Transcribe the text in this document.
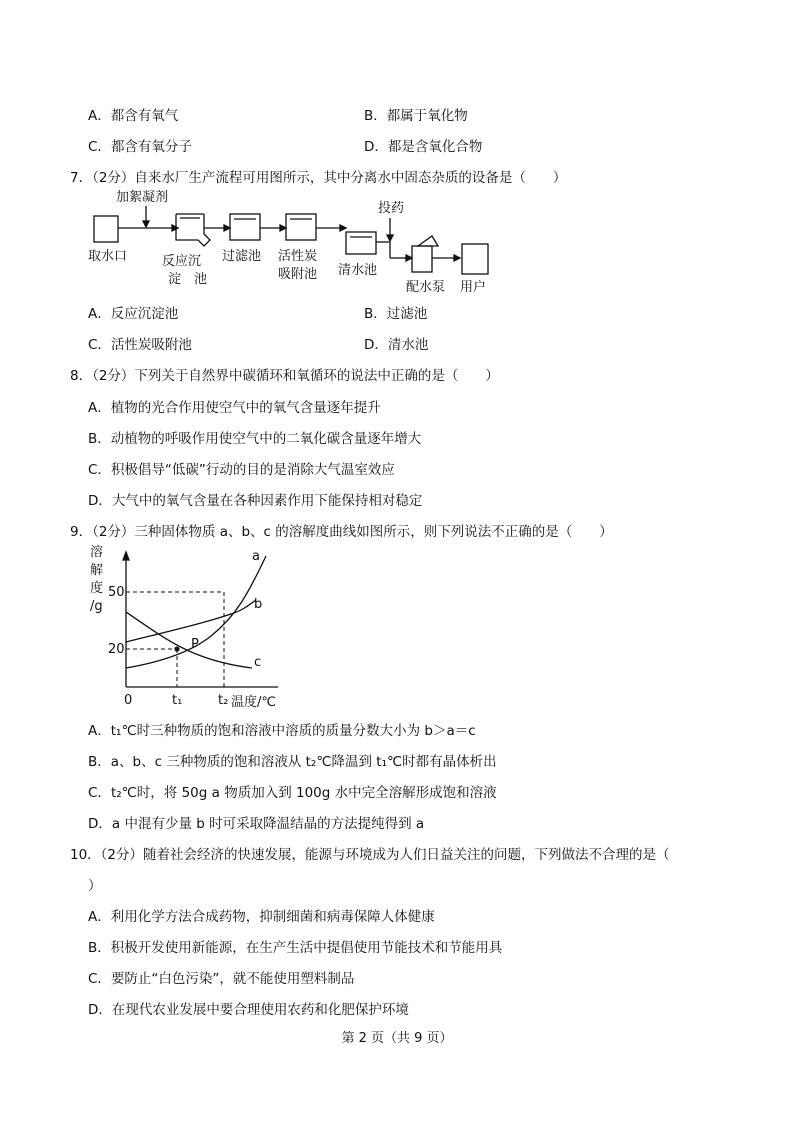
A．都含有氧气	B．都属于氧化物
C．都含有氧分子	D．都是含氧化合物
7．（2分）自来水厂生产流程可用图所示，其中分离水中固态杂质的设备是（　　）
加絮凝剂
投药
取水口	反应沉
淀　池
过滤池 活性炭
吸附池 清水池
配水泵 用户
A．反应沉淀池	B．过滤池
C．活性炭吸附池	D．清水池
8．（2分）下列关于自然界中碳循环和氧循环的说法中正确的是（　　）
A．植物的光合作用使空气中的氧气含量逐年提升
B．动植物的呼吸作用使空气中的二氧化碳含量逐年增大
C．积极倡导“低碳”行动的目的是消除大气温室效应
D．大气中的氧气含量在各种因素作用下能保持相对稳定
9．（2分）三种固体物质 a、b、c 的溶解度曲线如图所示，则下列说法不正确的是（　　）
溶
解
度
/g
50
20
0	t₁	t₂ 温度/℃
P
a
b
c
A．t₁℃时三种物质的饱和溶液中溶质的质量分数大小为 b＞a＝c
B．a、b、c 三种物质的饱和溶液从 t₂℃降温到 t₁℃时都有晶体析出
C．t₂℃时，将 50g a 物质加入到 100g 水中完全溶解形成饱和溶液
D．a 中混有少量 b 时可采取降温结晶的方法提纯得到 a
10．（2分）随着社会经济的快速发展，能源与环境成为人们日益关注的问题，下列做法不合理的是（
）
A．利用化学方法合成药物，抑制细菌和病毒保障人体健康
B．积极开发使用新能源，在生产生活中提倡使用节能技术和节能用具
C．要防止“白色污染”，就不能使用塑料制品
D．在现代农业发展中要合理使用农药和化肥保护环境
第 2 页（共 9 页）
